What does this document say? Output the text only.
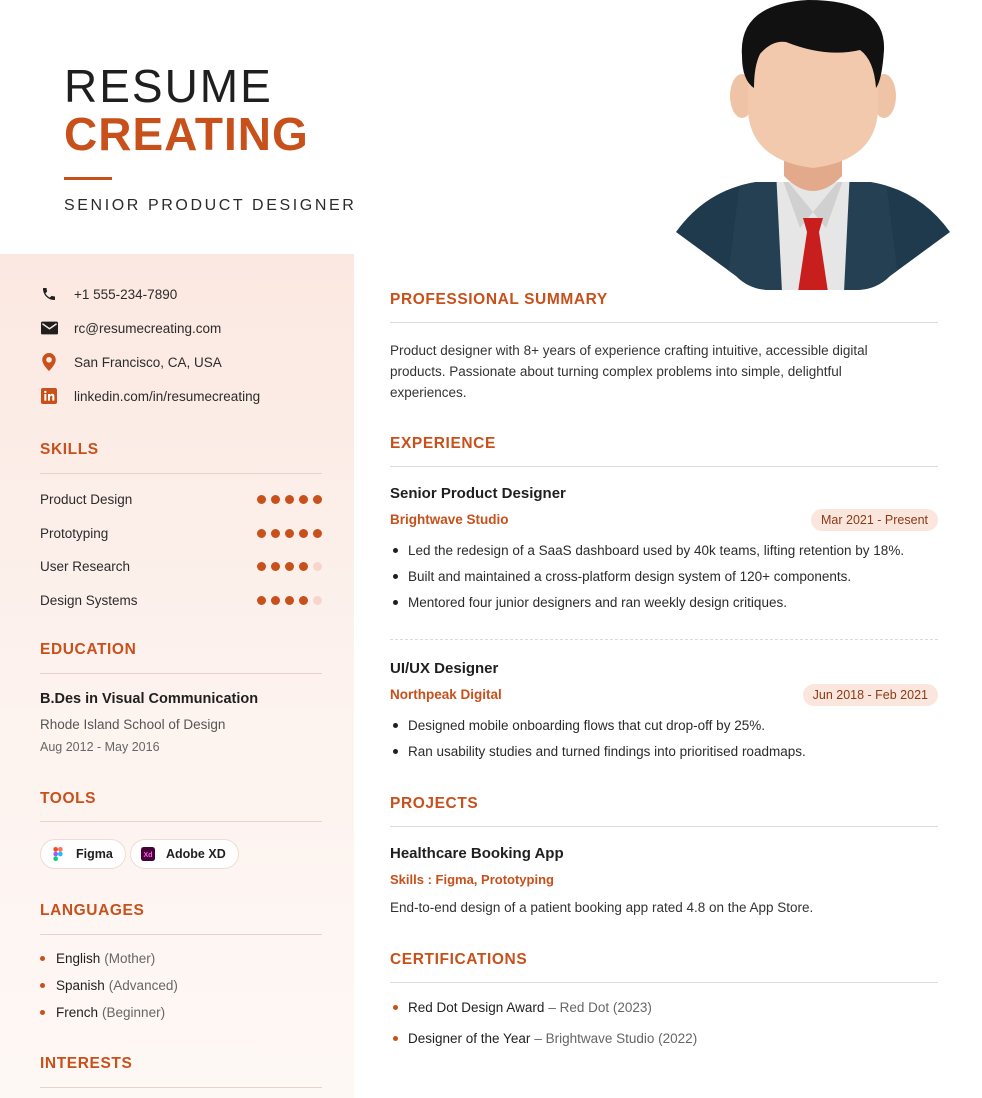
RESUME
CREATING
SENIOR PRODUCT DESIGNER
+1 555-234-7890
rc@resumecreating.com
San Francisco, CA, USA
linkedin.com/in/resumecreating
SKILLS
Product Design
Prototyping
User Research
Design Systems
EDUCATION
B.Des in Visual Communication
Rhode Island School of Design
Aug 2012 - May 2016
TOOLS
Figma	Xd Adobe XD
LANGUAGES
English (Mother)
Spanish (Advanced)
French (Beginner)
INTERESTS
PROFESSIONAL SUMMARY
Product designer with 8+ years of experience crafting intuitive, accessible digital products. Passionate about turning complex problems into simple, delightful experiences.
EXPERIENCE
Senior Product Designer
Brightwave Studio	Mar 2021 - Present
Led the redesign of a SaaS dashboard used by 40k teams, lifting retention by 18%.
Built and maintained a cross-platform design system of 120+ components.
Mentored four junior designers and ran weekly design critiques.
UI/UX Designer
Northpeak Digital	Jun 2018 - Feb 2021
Designed mobile onboarding flows that cut drop-off by 25%.
Ran usability studies and turned findings into prioritised roadmaps.
PROJECTS
Healthcare Booking App
Skills : Figma, Prototyping
End-to-end design of a patient booking app rated 4.8 on the App Store.
CERTIFICATIONS
Red Dot Design Award – Red Dot (2023)
Designer of the Year – Brightwave Studio (2022)
